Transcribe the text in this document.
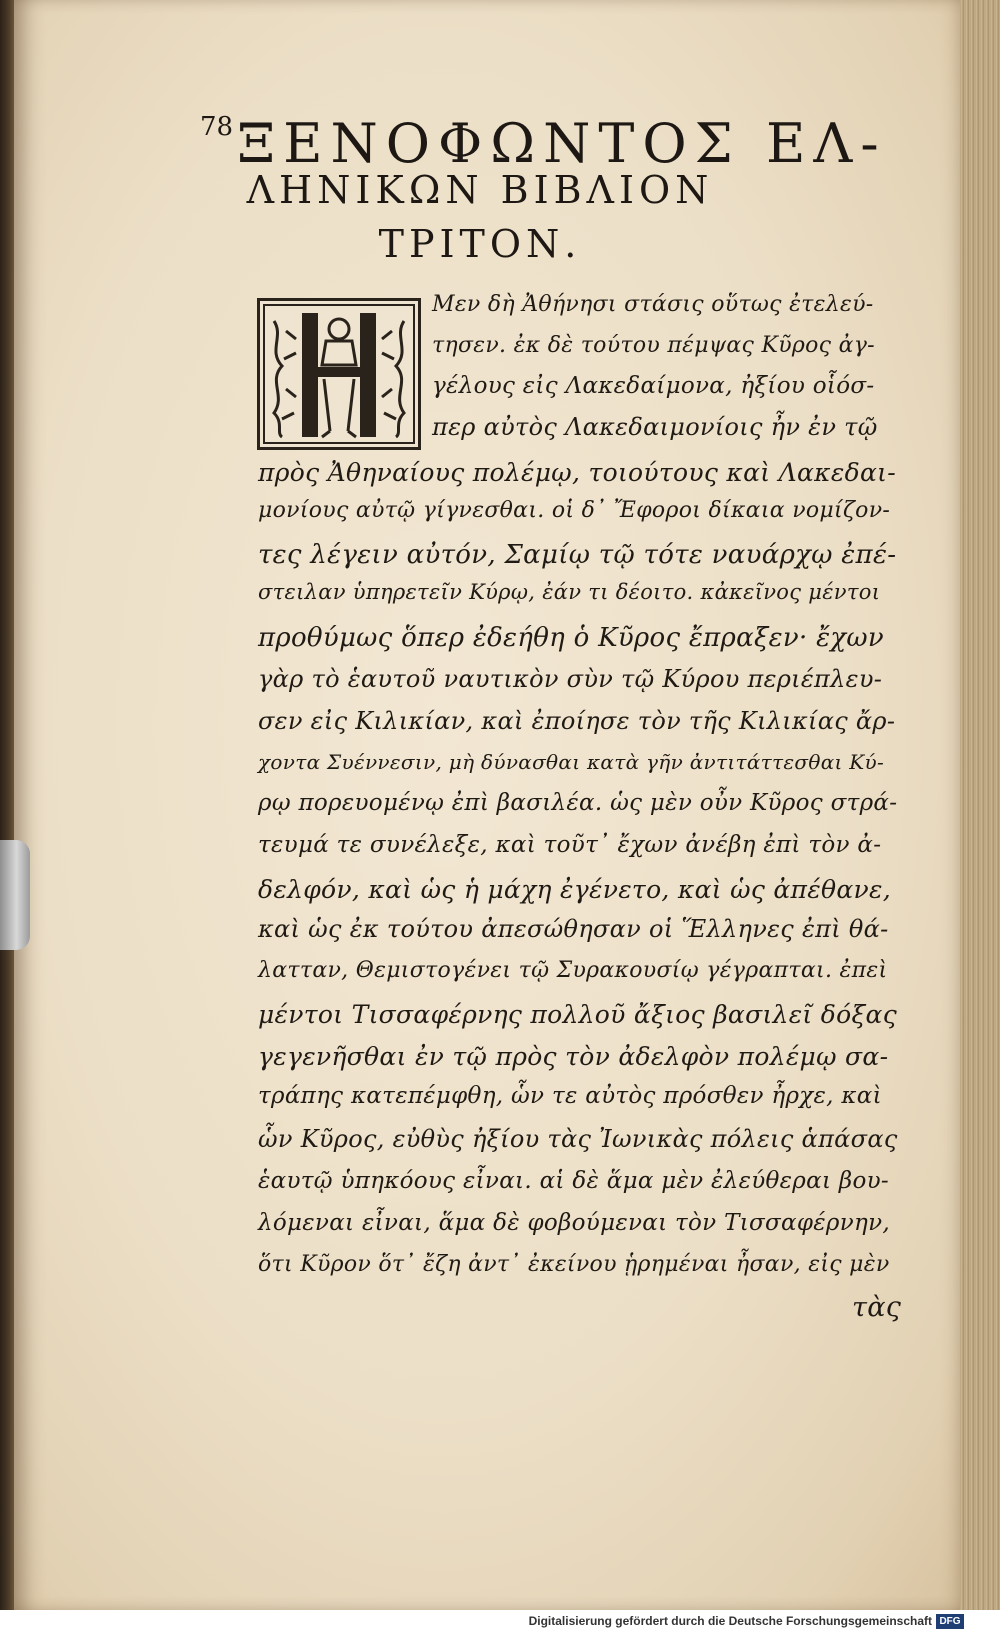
78ΞΕΝΟΦΩΝΤΟΣ ΕΛ-
ΛΗΝΙΚΩΝ ΒΙΒΛΙΟΝ
ΤΡΙΤΟΝ.
Μεν δὴ Ἀθήνησι στάσις οὕτως ἐτελεύ-
τησεν. ἐκ δὲ τούτου πέμψας Κῦρος ἀγ-
γέλους εἰς Λακεδαίμονα, ἠξίου οἷόσ-
περ αὐτὸς Λακεδαιμονίοις ἦν ἐν τῷ
πρὸς Ἀθηναίους πολέμῳ, τοιούτους καὶ Λακεδαι-
μονίους αὐτῷ γίγνεσθαι. οἱ δ᾽ Ἔφοροι δίκαια νομίζον-
τες λέγειν αὐτόν, Σαμίῳ τῷ τότε ναυάρχῳ ἐπέ-
στειλαν ὑπηρετεῖν Κύρῳ, ἐάν τι δέοιτο. κἀκεῖνος μέντοι
προθύμως ὅπερ ἐδεήθη ὁ Κῦρος ἔπραξεν· ἔχων
γὰρ τὸ ἑαυτοῦ ναυτικὸν σὺν τῷ Κύρου περιέπλευ-
σεν εἰς Κιλικίαν, καὶ ἐποίησε τὸν τῆς Κιλικίας ἄρ-
χοντα Συέννεσιν, μὴ δύνασθαι κατὰ γῆν ἀντιτάττεσθαι Κύ-
ρῳ πορευομένῳ ἐπὶ βασιλέα. ὡς μὲν οὖν Κῦρος στρά-
τευμά τε συνέλεξε, καὶ τοῦτ᾽ ἔχων ἀνέβη ἐπὶ τὸν ἀ-
δελφόν, καὶ ὡς ἡ μάχη ἐγένετο, καὶ ὡς ἀπέθανε,
καὶ ὡς ἐκ τούτου ἀπεσώθησαν οἱ Ἕλληνες ἐπὶ θά-
λατταν, Θεμιστογένει τῷ Συρακουσίῳ γέγραπται. ἐπεὶ
μέντοι Τισσαφέρνης πολλοῦ ἄξιος βασιλεῖ δόξας
γεγενῆσθαι ἐν τῷ πρὸς τὸν ἀδελφὸν πολέμῳ σα-
τράπης κατεπέμφθη, ὧν τε αὐτὸς πρόσθεν ἦρχε, καὶ
ὧν Κῦρος, εὐθὺς ἠξίου τὰς Ἰωνικὰς πόλεις ἁπάσας
ἑαυτῷ ὑπηκόους εἶναι. αἱ δὲ ἅμα μὲν ἐλεύθεραι βου-
λόμεναι εἶναι, ἅμα δὲ φοβούμεναι τὸν Τισσαφέρνην,
ὅτι Κῦρον ὅτ᾽ ἔζη ἀντ᾽ ἐκείνου ᾑρημέναι ἦσαν, εἰς μὲν
τὰς
Digitalisierung gefördert durch die Deutsche Forschungsgemeinschaft DFG
